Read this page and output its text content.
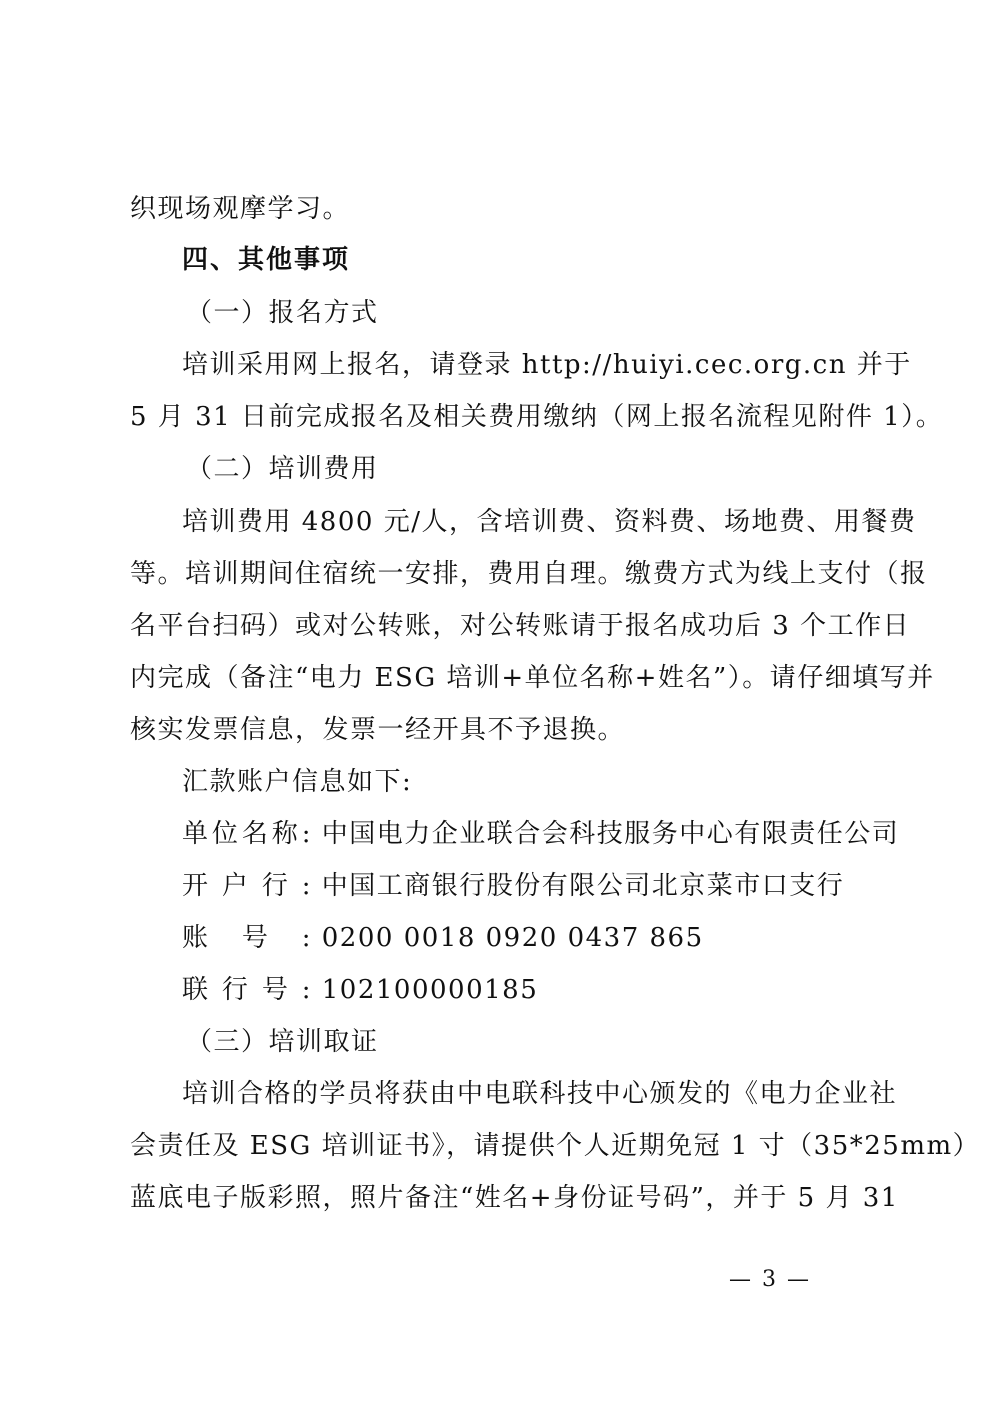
织现场观摩学习。
四、其他事项
（一）报名方式
培训采用网上报名，请登录 http://huiyi.cec.org.cn 并于
5 月 31 日前完成报名及相关费用缴纳（网上报名流程见附件 1）。
（二）培训费用
培训费用 4800 元/人，含培训费、资料费、场地费、用餐费
等。培训期间住宿统一安排，费用自理。缴费方式为线上支付（报
名平台扫码）或对公转账，对公转账请于报名成功后 3 个工作日
内完成（备注“电力 ESG 培训+单位名称+姓名”）。请仔细填写并
核实发票信息，发票一经开具不予退换。
汇款账户信息如下:
单位名称: 中国电力企业联合会科技服务中心有限责任公司
开户行: 中国工商银行股份有限公司北京菜市口支行
账号: 0200 0018 0920 0437 865
联行号: 102100000185
（三）培训取证
培训合格的学员将获由中电联科技中心颁发的《电力企业社
会责任及 ESG 培训证书》，请提供个人近期免冠 1 寸（35*25mm）
蓝底电子版彩照，照片备注“姓名+身份证号码”，并于 5 月 31
— 3 —
